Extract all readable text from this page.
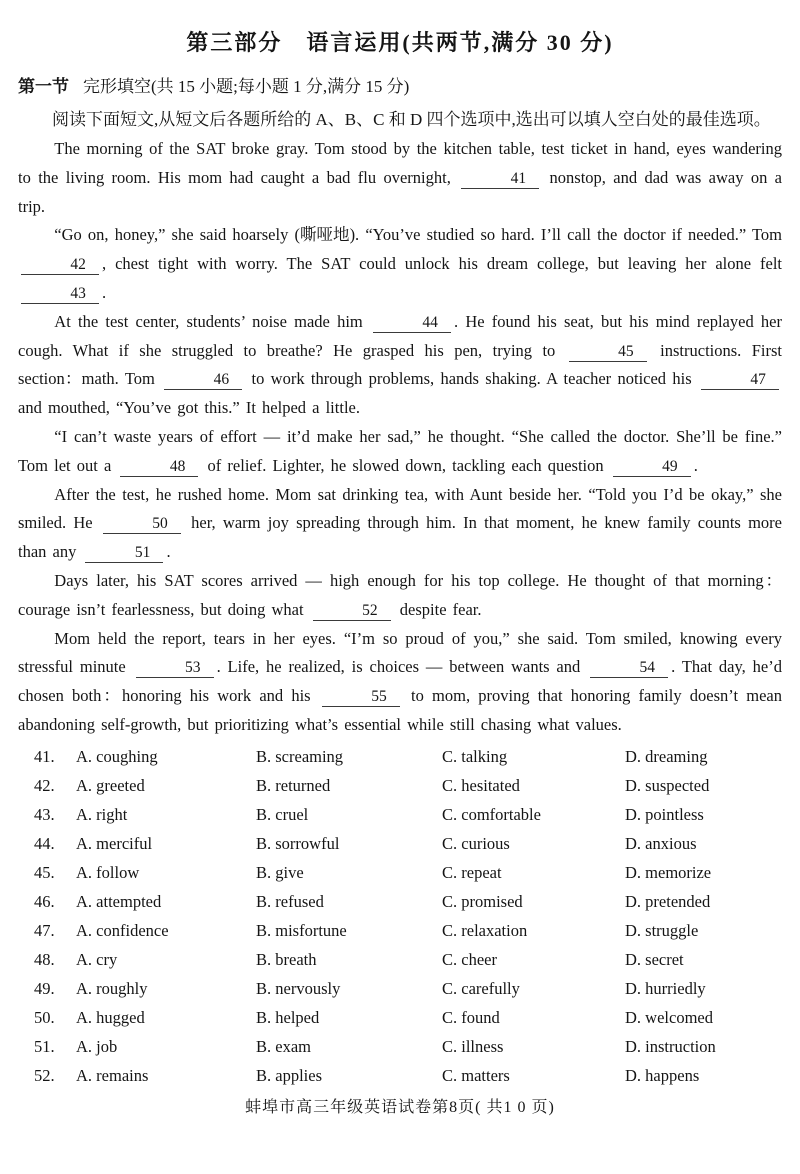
第三部分　语言运用(共两节,满分 30 分)
第一节 完形填空(共 15 小题;每小题 1 分,满分 15 分)

阅读下面短文,从短文后各题所给的 A、B、C 和 D 四个选项中,选出可以填人空白处的最佳选项。

The morning of the SAT broke gray. Tom stood by the kitchen table, test ticket in hand, eyes wandering to the living room. His mom had caught a bad flu overnight,	41 nonstop, and dad was away on a trip.

“Go on, honey,” she said hoarsely (嘶哑地). “You’ve studied so hard. I’ll call the doctor if needed.” Tom 42 , chest tight with worry. The SAT could unlock his dream college, but leaving her alone felt 43 .

At the test center, students’ noise made him	44 . He found his seat, but his mind replayed her cough. What if she struggled to breathe? He grasped his pen, trying to	45 instructions. First section：math. Tom	46 to work through problems, hands shaking. A teacher noticed his	47 and mouthed, “You’ve got this.” It helped a little.

“I can’t waste years of effort — it’d make her sad,” he thought. “She called the doctor. She’ll be fine.” Tom let out a	48 of relief. Lighter, he slowed down, tackling each question	49 .

After the test, he rushed home. Mom sat drinking tea, with Aunt beside her. “Told you I’d be okay,” she smiled. He	50 her, warm joy spreading through him. In that moment, he knew family counts more than any	51 .

Days later, his SAT scores arrived — high enough for his top college. He thought of that morning：courage isn’t fearlessness, but doing what	52 despite fear.

Mom held the report, tears in her eyes. “I’m so proud of you,” she said. Tom smiled, knowing every stressful minute	53 . Life, he realized, is choices — between wants and	54 . That day, he’d chosen both：honoring his work and his	55 to mom, proving that honoring family doesn’t mean abandoning self-growth, but prioritizing what’s essential while still chasing what values.

41.	A. coughing	B. screaming	C. talking	D. dreaming
42.	A. greeted	B. returned	C. hesitated	D. suspected
43.	A. right	B. cruel	C. comfortable	D. pointless
44.	A. merciful	B. sorrowful	C. curious	D. anxious
45.	A. follow	B. give	C. repeat	D. memorize
46.	A. attempted	B. refused	C. promised	D. pretended
47.	A. confidence	B. misfortune	C. relaxation	D. struggle
48.	A. cry	B. breath	C. cheer	D. secret
49.	A. roughly	B. nervously	C. carefully	D. hurriedly
50.	A. hugged	B. helped	C. found	D. welcomed
51.	A. job	B. exam	C. illness	D. instruction
52.	A. remains	B. applies	C. matters	D. happens
蚌埠市高三年级英语试卷第8页( 共1 0 页)
